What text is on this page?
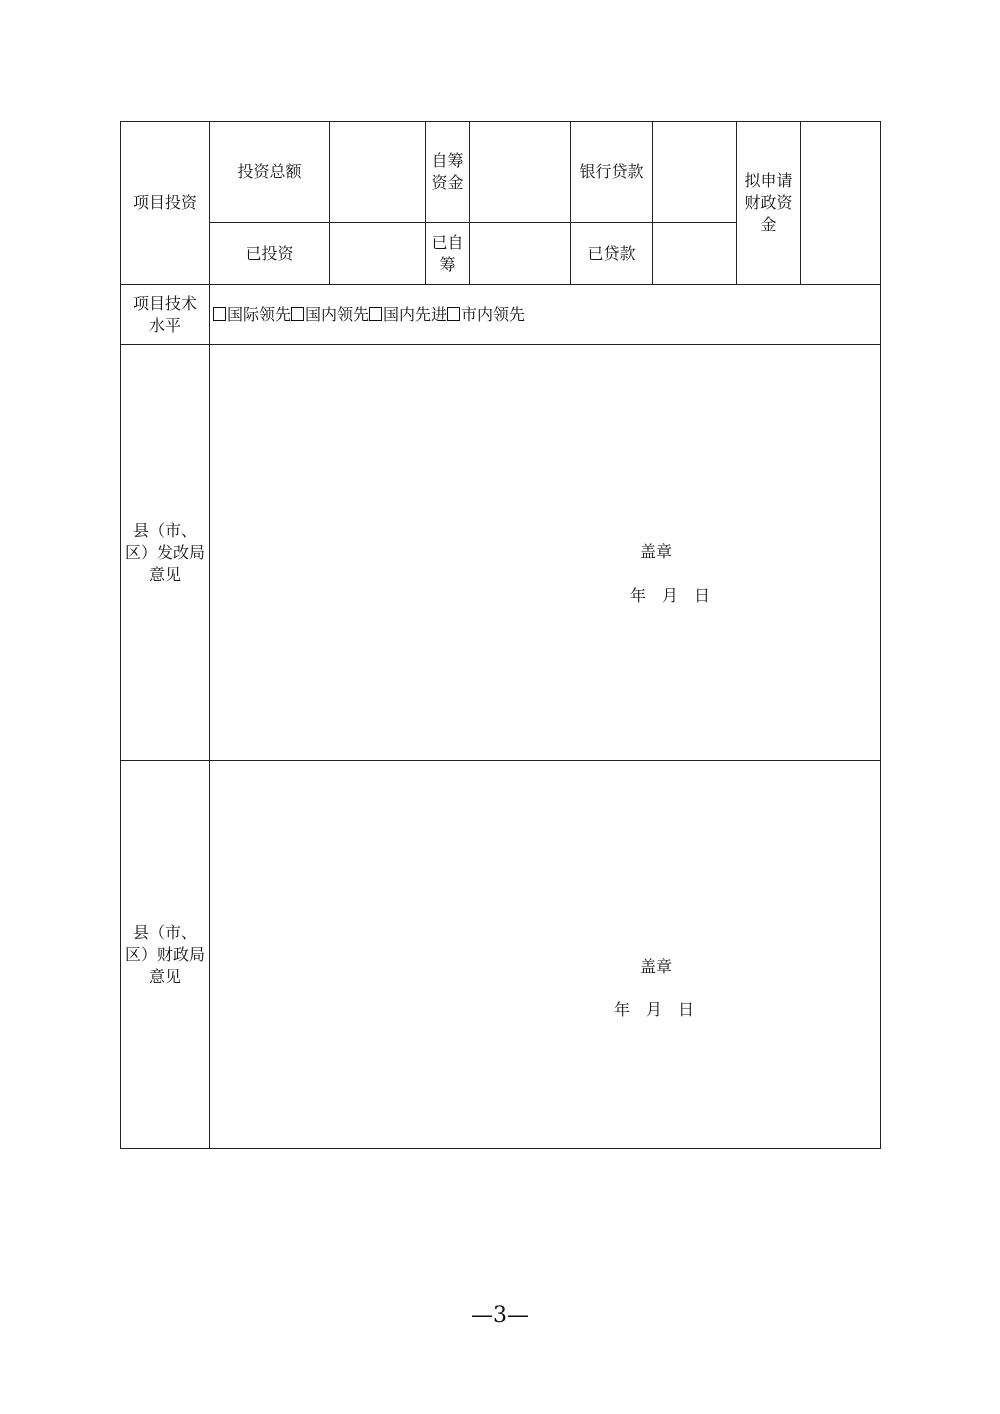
项目投资	投资总额		自筹资金		银行贷款		拟申请财政资金	
	已投资		已自筹		已贷款			
项目技术水平	国际领先 国内领先 国内先进 市内领先							
县（市、区）发改局意见	盖章
年　月　日							

县（市、区）财政局意见	盖章
年　月　日							
—3—
